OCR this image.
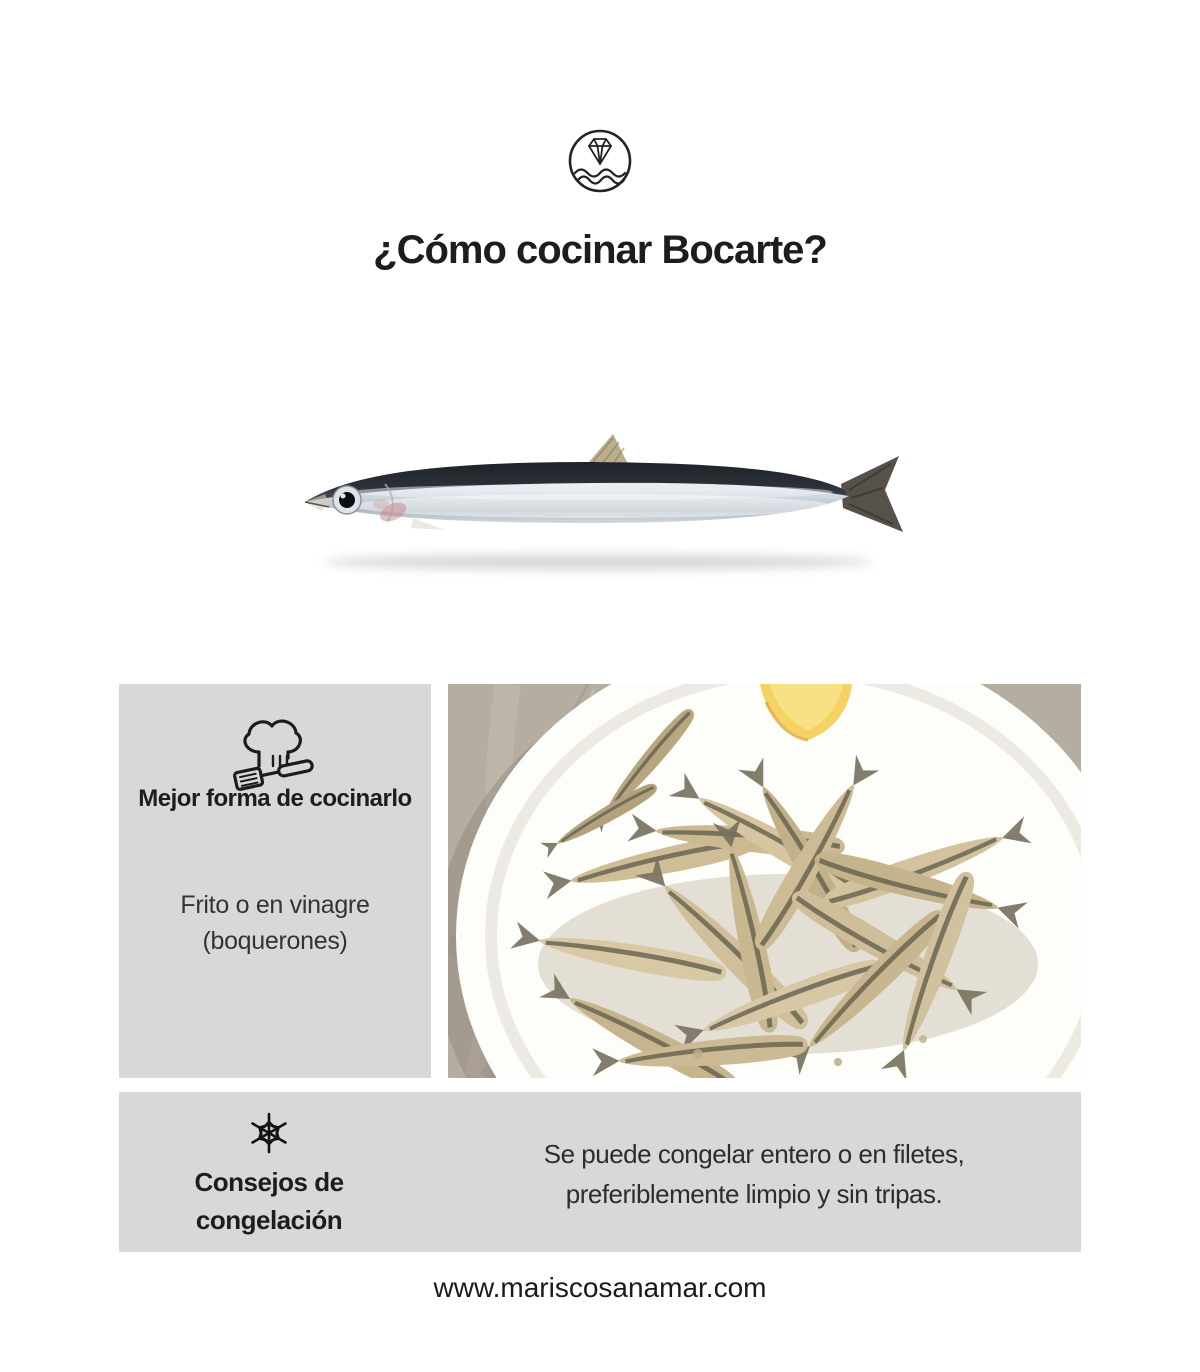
¿Cómo cocinar Bocarte?
Mejor forma de cocinarlo

Frito o en vinagre
(boquerones)

Consejos de
congelación
Se puede congelar entero o en filetes,
preferiblemente limpio y sin tripas.

www.mariscosanamar.com
